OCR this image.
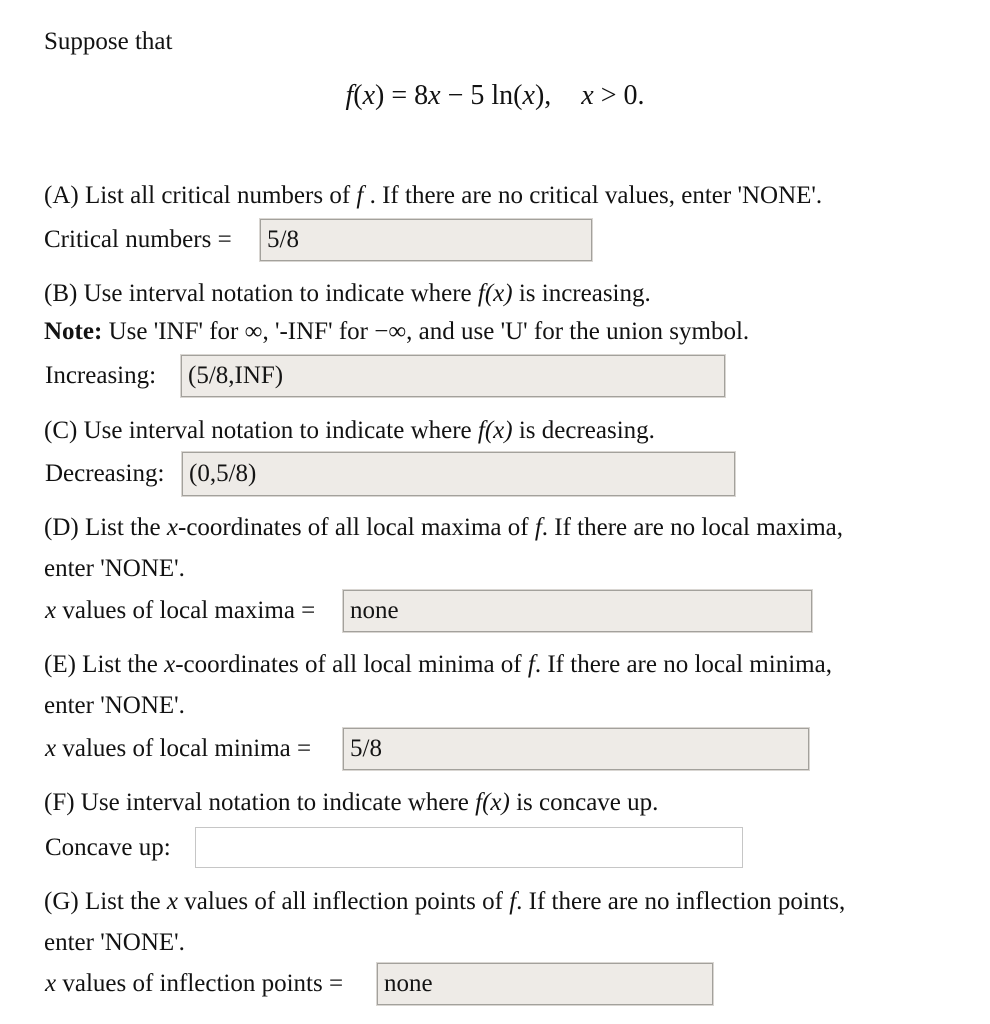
Suppose that
f(x) = 8x − 5 ln(x), x > 0.
(A) List all critical numbers of f . If there are no critical values, enter 'NONE'.
Critical numbers =
5/8
(B) Use interval notation to indicate where f(x) is increasing.
Note: Use 'INF' for ∞, '-INF' for −∞, and use 'U' for the union symbol.
Increasing:
(5/8,INF)
(C) Use interval notation to indicate where f(x) is decreasing.
Decreasing:
(0,5/8)
(D) List the x-coordinates of all local maxima of f. If there are no local maxima,
enter 'NONE'.
x values of local maxima =
none
(E) List the x-coordinates of all local minima of f. If there are no local minima,
enter 'NONE'.
x values of local minima =
5/8
(F) Use interval notation to indicate where f(x) is concave up.
Concave up:
(G) List the x values of all inflection points of f. If there are no inflection points,
enter 'NONE'.
x values of inflection points =
none
